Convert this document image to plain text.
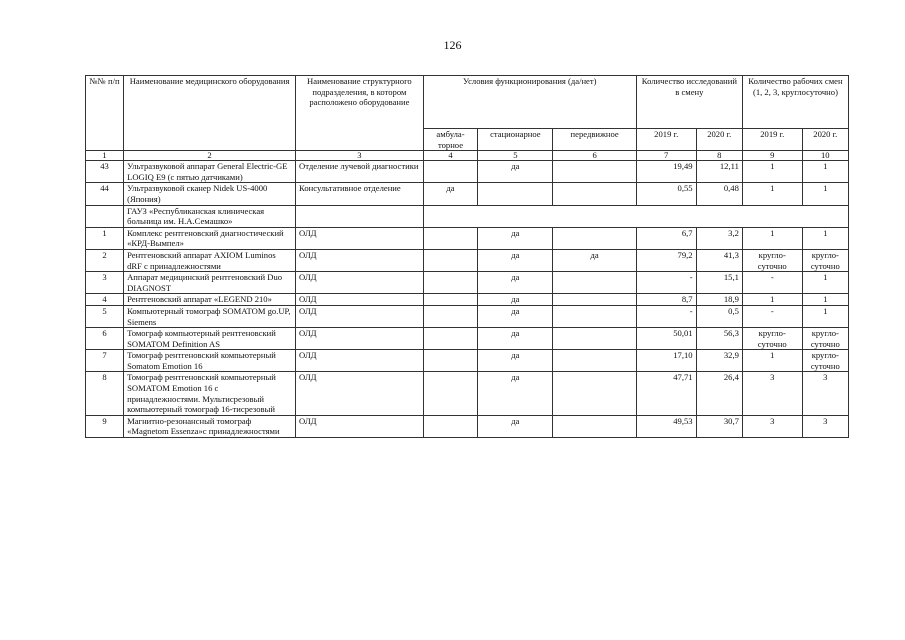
126
№№ п/п	Наименование медицинского оборудования	Наименование структурного подразделения, в котором расположено оборудование	Условия функционирования (да/нет)			Количество исследований в смену		Количество рабочих смен (1, 2, 3, круглосуточно)	
			амбула-торное	стационарное	передвижное	2019 г.	2020 г.	2019 г.	2020 г.
1	2	3	4	5	6	7	8	9	10
43	Ультразвуковой аппарат General Electric-GE LOGIQ E9 (с пятью датчиками)	Отделение лучевой диагностики		да		19,49	12,11	1	1
44	Ультразвуковой сканер Nidek US-4000 (Япония)	Консультативное отделение	да			0,55	0,48	1	1
	ГАУЗ «Республиканская клиническая больница им. Н.А.Семашко»								
1	Комплекс рентгеновский диагностический «КРД-Вымпел»	ОЛД		да		6,7	3,2	1	1
2	Рентгеновский аппарат AXIOM Luminos dRF с принадлежностями	ОЛД		да	да	79,2	41,3	кругло-суточно	кругло-суточно
3	Аппарат медицинский рентгеновский Duo DIAGNOST	ОЛД		да		-	15,1	-	1
4	Рентгеновский аппарат «LEGEND 210»	ОЛД		да		8,7	18,9	1	1
5	Компьютерный томограф SOMATOM go.UP, Siemens	ОЛД		да		-	0,5	-	1
6	Томограф компьютерный рентгеновский SOMATOM Definition AS	ОЛД		да		50,01	56,3	кругло-суточно	кругло-суточно
7	Томограф рентгеновский компьютерный Somatom Emotion 16	ОЛД		да		17,10	32,9	1	кругло-суточно
8	Томограф рентгеновский компьютерный SOMATOM Emotion 16 с принадлежностями. Мультисрезовый компьютерный томограф 16-тисрезовый	ОЛД		да		47,71	26,4	3	3
9	Магнитно-резонансный томограф «Magnetom Essenza»с принадлежностями	ОЛД		да		49,53	30,7	3	3
